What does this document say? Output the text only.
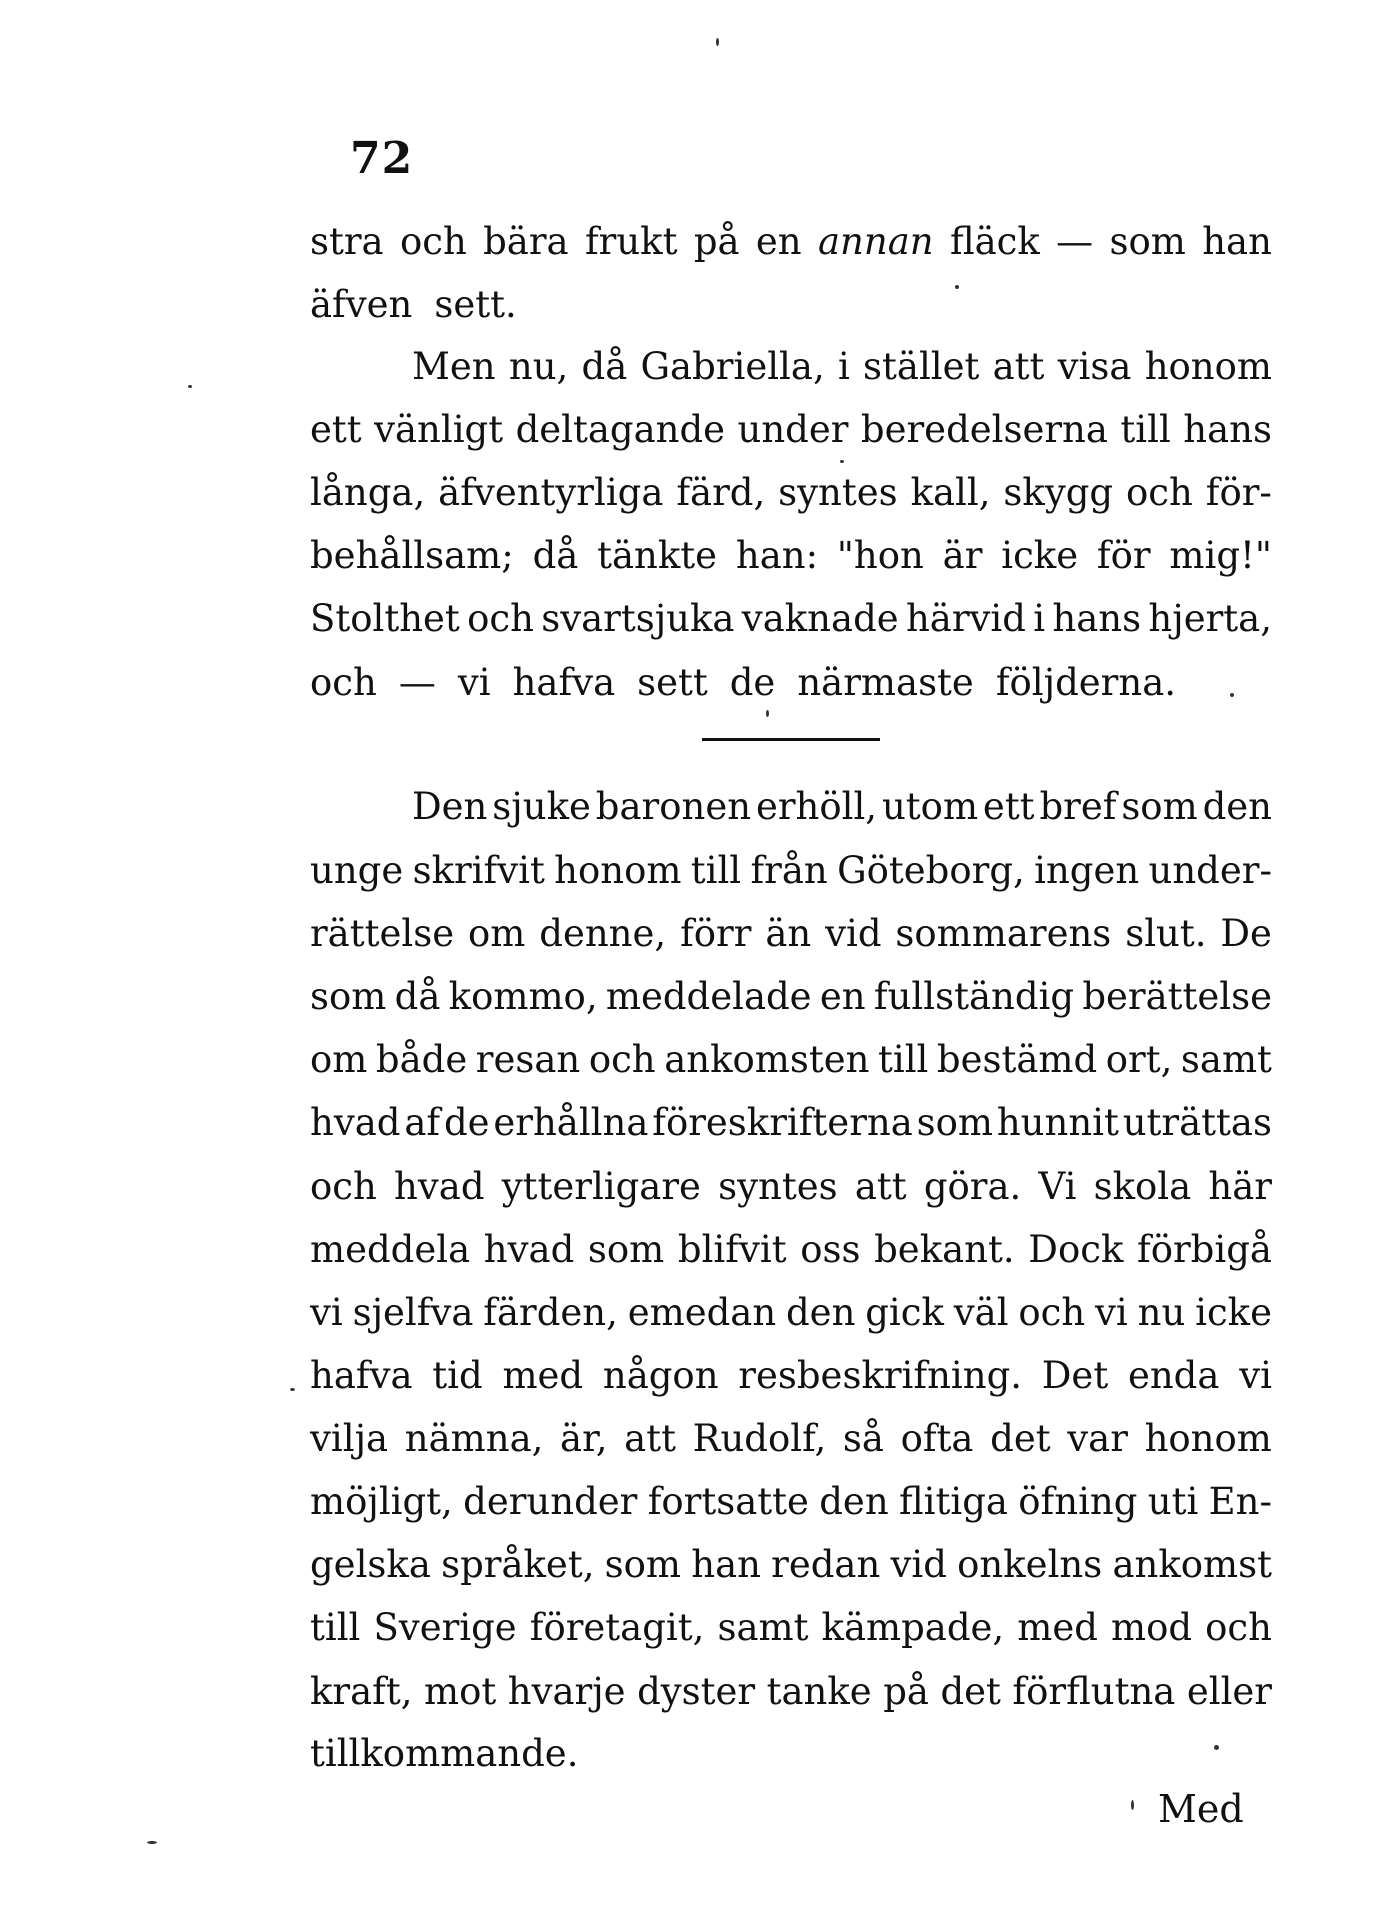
72
stra och bära frukt på en annan fläck — som han
äfven sett.
Men nu, då Gabriella, i stället att visa honom
ett vänligt deltagande under beredelserna till hans
långa, äfventyrliga färd, syntes kall, skygg och för-
behållsam; då tänkte han: "hon är icke för mig!"
Stolthet och svartsjuka vaknade härvid i hans hjerta,
och — vi hafva sett de närmaste följderna.
Den sjuke baronen erhöll, utom ett bref som den
unge skrifvit honom till från Göteborg, ingen under-
rättelse om denne, förr än vid sommarens slut. De
som då kommo, meddelade en fullständig berättelse
om både resan och ankomsten till bestämd ort, samt
hvad af de erhållna föreskrifterna som hunnit uträttas
och hvad ytterligare syntes att göra. Vi skola här
meddela hvad som blifvit oss bekant. Dock förbigå
vi sjelfva färden, emedan den gick väl och vi nu icke
hafva tid med någon resbeskrifning. Det enda vi
vilja nämna, är, att Rudolf, så ofta det var honom
möjligt, derunder fortsatte den flitiga öfning uti En-
gelska språket, som han redan vid onkelns ankomst
till Sverige företagit, samt kämpade, med mod och
kraft, mot hvarje dyster tanke på det förflutna eller
tillkommande.
Med
